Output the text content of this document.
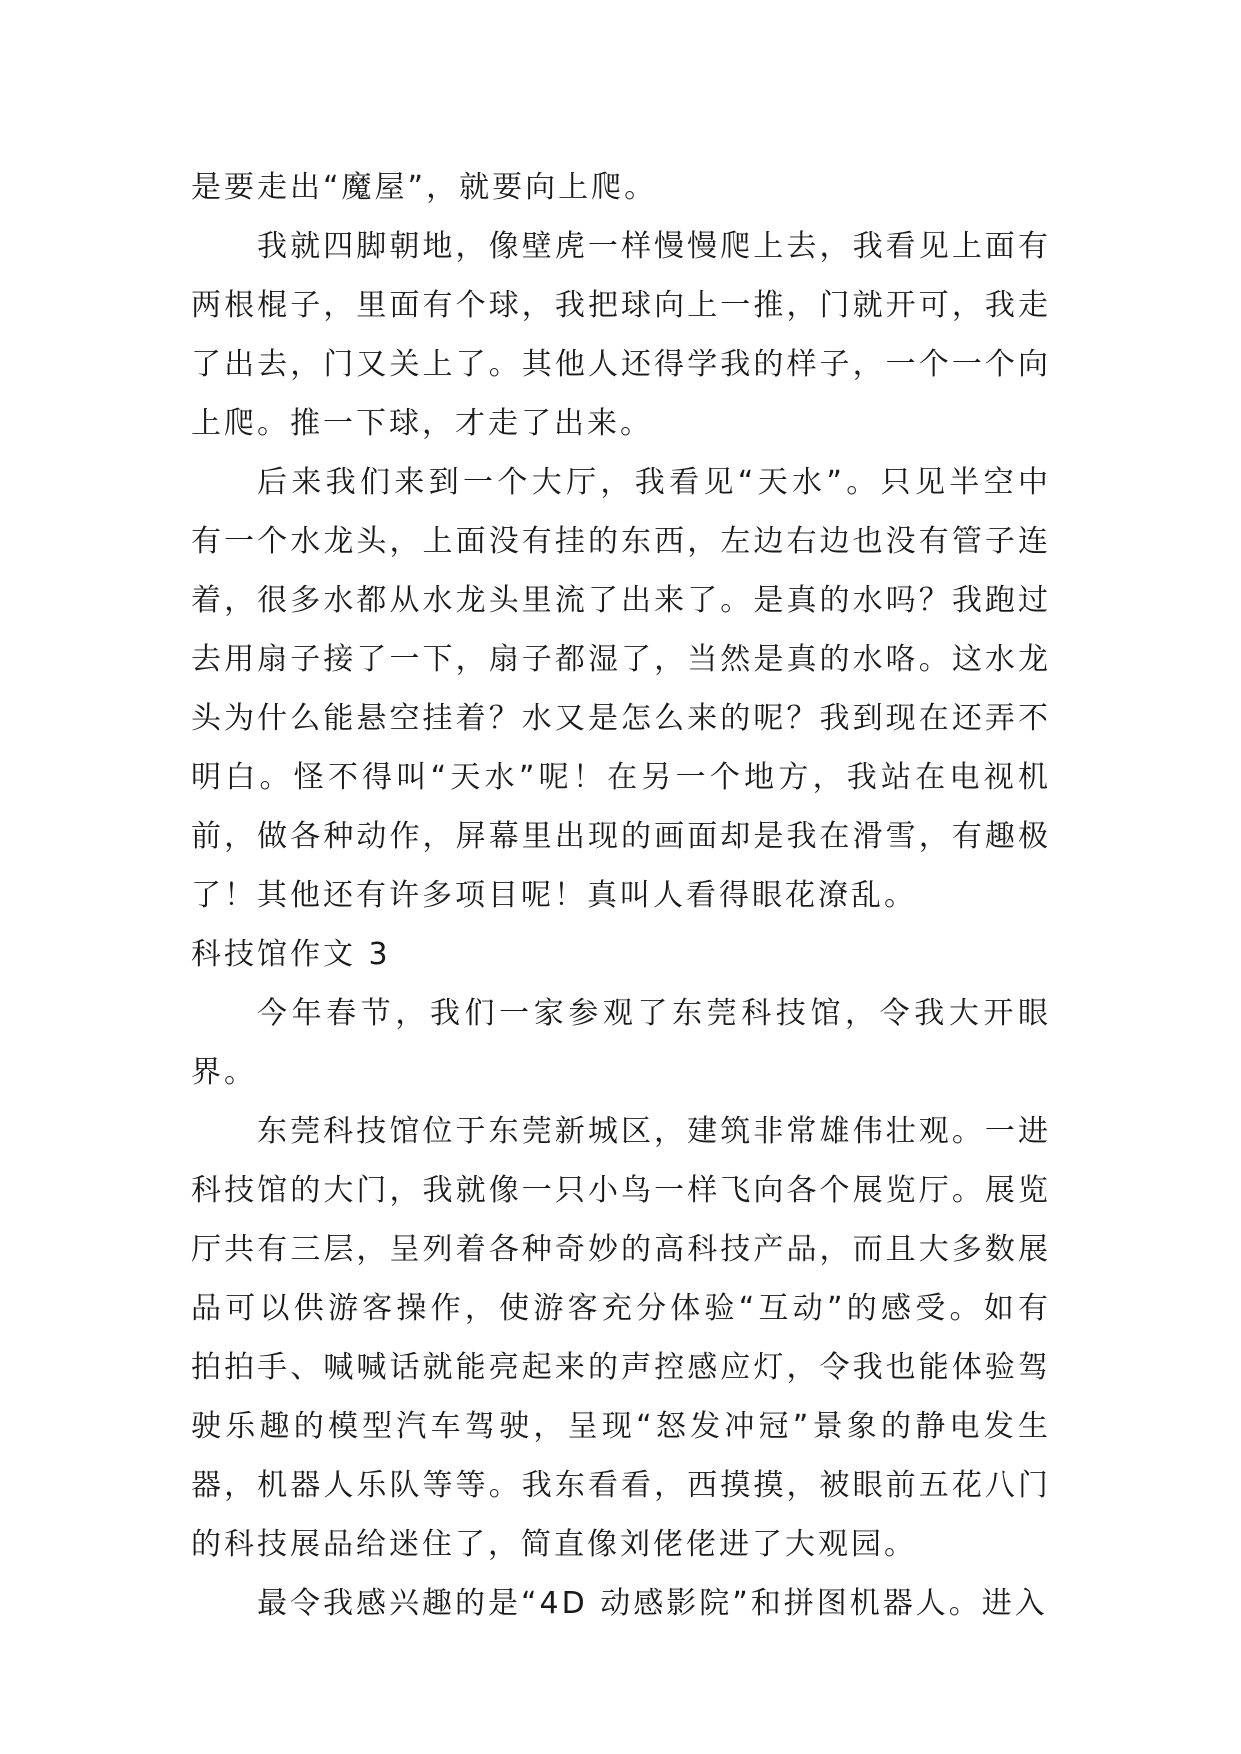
是要走出“魔屋”，就要向上爬。

我就四脚朝地，像壁虎一样慢慢爬上去，我看见上面有两根棍子，里面有个球，我把球向上一推，门就开可，我走了出去，门又关上了。其他人还得学我的样子，一个一个向上爬。推一下球，才走了出来。

后来我们来到一个大厅，我看见“天水”。只见半空中有一个水龙头，上面没有挂的东西，左边右边也没有管子连着，很多水都从水龙头里流了出来了。是真的水吗？我跑过去用扇子接了一下，扇子都湿了，当然是真的水咯。这水龙头为什么能悬空挂着？水又是怎么来的呢？我到现在还弄不明白。怪不得叫“天水”呢！在另一个地方，我站在电视机前，做各种动作，屏幕里出现的画面却是我在滑雪，有趣极了！其他还有许多项目呢！真叫人看得眼花潦乱。

科技馆作文 3

今年春节，我们一家参观了东莞科技馆，令我大开眼界。

东莞科技馆位于东莞新城区，建筑非常雄伟壮观。一进科技馆的大门，我就像一只小鸟一样飞向各个展览厅。展览厅共有三层，呈列着各种奇妙的高科技产品，而且大多数展品可以供游客操作，使游客充分体验“互动”的感受。如有拍拍手、喊喊话就能亮起来的声控感应灯，令我也能体验驾驶乐趣的模型汽车驾驶，呈现“怒发冲冠”景象的静电发生器，机器人乐队等等。我东看看，西摸摸，被眼前五花八门的科技展品给迷住了，简直像刘佬佬进了大观园。

最令我感兴趣的是“4D 动感影院”和拼图机器人。进入
